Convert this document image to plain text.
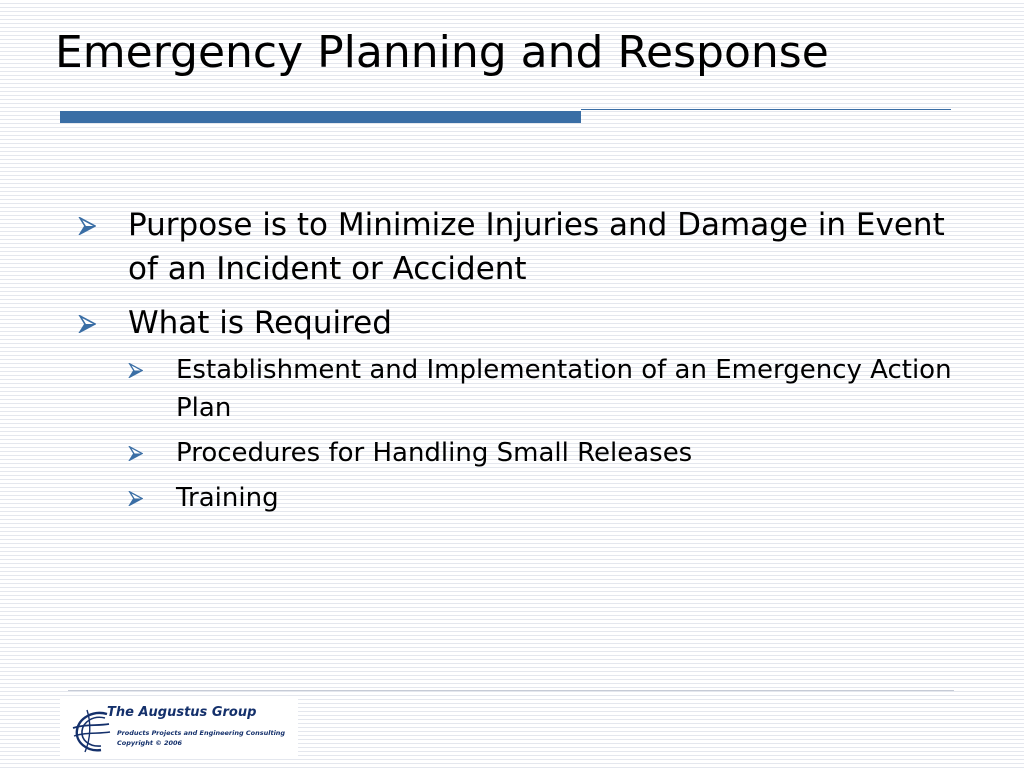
Emergency Planning and Response
Purpose is to Minimize Injuries and Damage in Event of an Incident or Accident
What is Required
Establishment and Implementation of an Emergency Action Plan
Procedures for Handling Small Releases
Training
The Augustus Group
Products Projects and Engineering Consulting
Copyright © 2006
